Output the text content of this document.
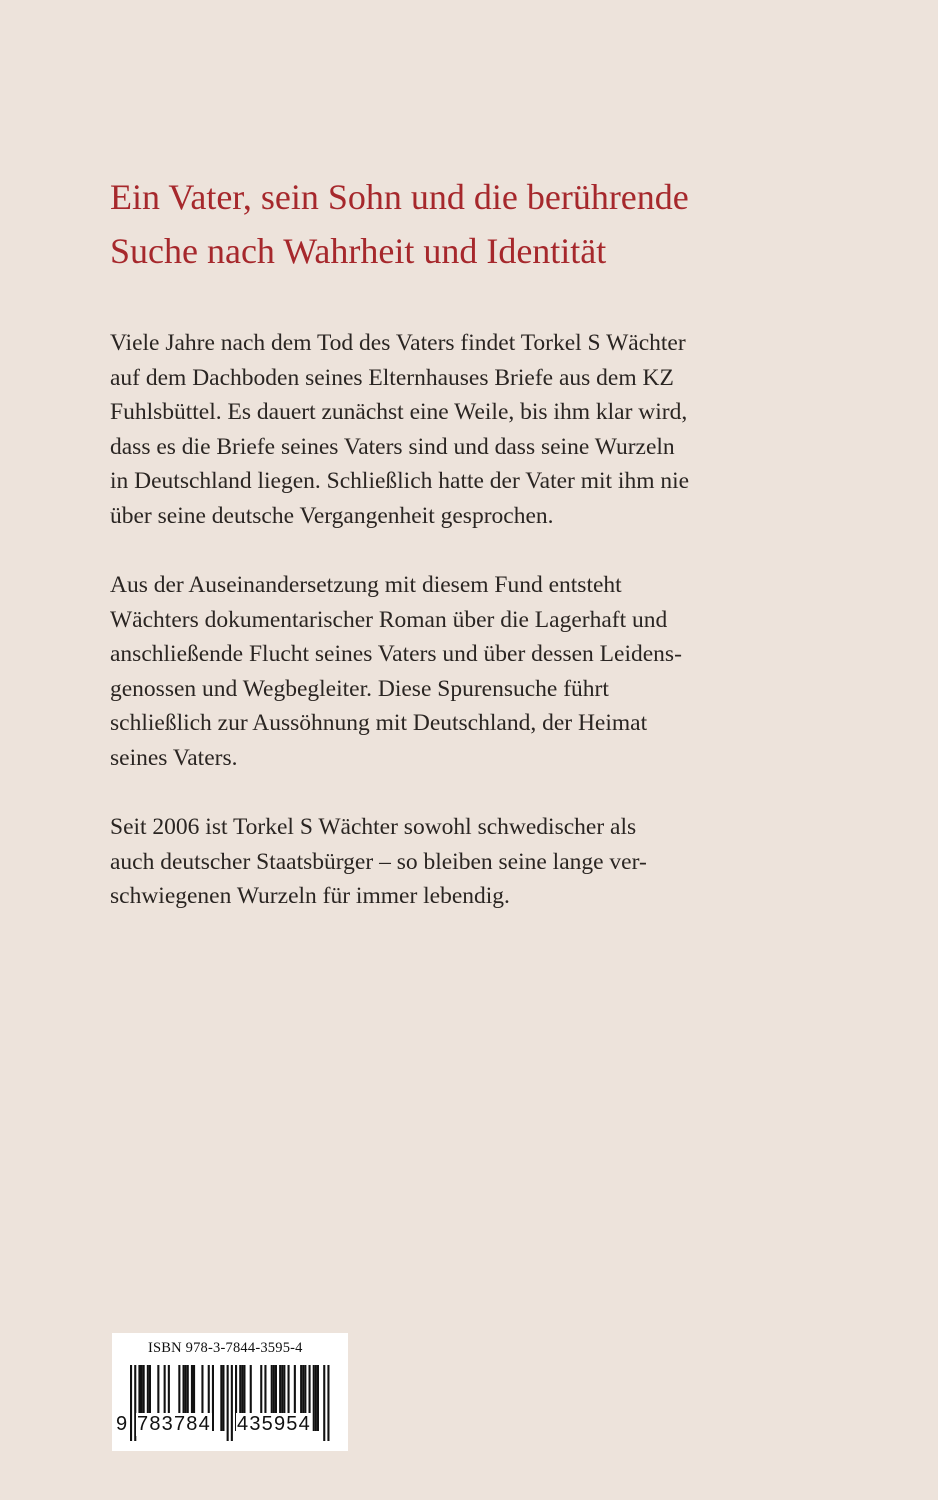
Ein Vater, sein Sohn und die berührende
Suche nach Wahrheit und Identität

Viele Jahre nach dem Tod des Vaters findet Torkel S Wächter
auf dem Dachboden seines Elternhauses Briefe aus dem KZ
Fuhlsbüttel. Es dauert zunächst eine Weile, bis ihm klar wird,
dass es die Briefe seines Vaters sind und dass seine Wurzeln
in Deutschland liegen. Schließlich hatte der Vater mit ihm nie
über seine deutsche Vergangenheit gesprochen.

Aus der Auseinandersetzung mit diesem Fund entsteht
Wächters dokumentarischer Roman über die Lagerhaft und
anschließende Flucht seines Vaters und über dessen Leidens-
genossen und Wegbegleiter. Diese Spurensuche führt
schließlich zur Aussöhnung mit Deutschland, der Heimat
seines Vaters.

Seit 2006 ist Torkel S Wächter sowohl schwedischer als
auch deutscher Staatsbürger – so bleiben seine lange ver-
schwiegenen Wurzeln für immer lebendig.

ISBN 978-3-7844-3595-4
9 783784 435954
